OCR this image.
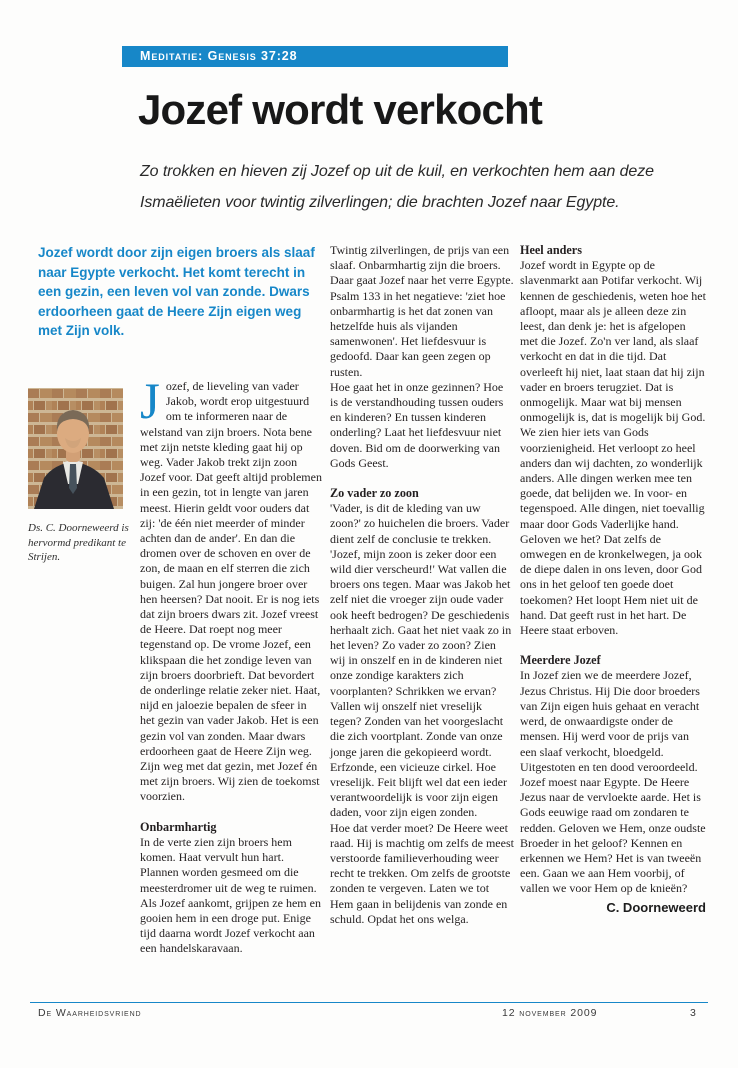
Meditatie: Genesis 37:28
Jozef wordt verkocht
Zo trokken en hieven zij Jozef op uit de kuil, en verkochten hem aan deze
Ismaëlieten voor twintig zilverlingen; die brachten Jozef naar Egypte.
Jozef wordt door zijn eigen broers als slaaf naar Egypte verkocht. Het komt terecht in een gezin, een leven vol van zonde. Dwars erdoorheen gaat de Heere Zijn eigen weg met Zijn volk.
Ds. C. Doorneweerd is hervormd predikant te Strijen.

Jozef, de lieveling van vader Jakob, wordt erop uitgestuurd om te informeren naar de welstand van zijn broers. Nota bene met zijn netste kleding gaat hij op weg. Vader Jakob trekt zijn zoon Jozef voor. Dat geeft altijd problemen in een gezin, tot in lengte van jaren meest. Hierin geldt voor ouders dat zij: 'de één niet meerder of minder achten dan de ander'. En dan die dromen over de schoven en over de zon, de maan en elf sterren die zich buigen. Zal hun jongere broer over hen heersen? Dat nooit. Er is nog iets dat zijn broers dwars zit. Jozef vreest de Heere. Dat roept nog meer tegenstand op. De vrome Jozef, een klikspaan die het zondige leven van zijn broers doorbrieft. Dat bevordert de onderlinge relatie zeker niet. Haat, nijd en jaloezie bepalen de sfeer in het gezin van vader Jakob. Het is een gezin vol van zonden. Maar dwars erdoorheen gaat de Heere Zijn weg. Zijn weg met dat gezin, met Jozef én met zijn broers. Wij zien de toekomst voorzien.

Onbarmhartig

In de verte zien zijn broers hem komen. Haat vervult hun hart. Plannen worden gesmeed om die meesterdromer uit de weg te ruimen. Als Jozef aankomt, grijpen ze hem en gooien hem in een droge put. Enige tijd daarna wordt Jozef verkocht aan een handelskaravaan.

Twintig zilverlingen, de prijs van een slaaf. Onbarmhartig zijn die broers. Daar gaat Jozef naar het verre Egypte. Psalm 133 in het negatieve: 'ziet hoe onbarmhartig is het dat zonen van hetzelfde huis als vijanden samenwonen'. Het liefdesvuur is gedoofd. Daar kan geen zegen op rusten.

Hoe gaat het in onze gezinnen? Hoe is de verstandhouding tussen ouders en kinderen? En tussen kinderen onderling? Laat het liefdesvuur niet doven. Bid om de doorwerking van Gods Geest.

Zo vader zo zoon

'Vader, is dit de kleding van uw zoon?' zo huichelen die broers. Vader dient zelf de conclusie te trekken. 'Jozef, mijn zoon is zeker door een wild dier verscheurd!' Wat vallen die broers ons tegen. Maar was Jakob het zelf niet die vroeger zijn oude vader ook heeft bedrogen? De geschiedenis herhaalt zich. Gaat het niet vaak zo in het leven? Zo vader zo zoon? Zien wij in onszelf en in de kinderen niet onze zondige karakters zich voorplanten? Schrikken we ervan? Vallen wij onszelf niet vreselijk tegen? Zonden van het voorgeslacht die zich voortplant. Zonde van onze jonge jaren die gekopieerd wordt. Erfzonde, een vicieuze cirkel. Hoe vreselijk. Feit blijft wel dat een ieder verantwoordelijk is voor zijn eigen daden, voor zijn eigen zonden.

Hoe dat verder moet? De Heere weet raad. Hij is machtig om zelfs de meest verstoorde familieverhouding weer recht te trekken. Om zelfs de grootste zonden te vergeven. Laten we tot Hem gaan in belijdenis van zonde en schuld. Opdat het ons welga.

Heel anders

Jozef wordt in Egypte op de slavenmarkt aan Potifar verkocht. Wij kennen de geschiedenis, weten hoe het afloopt, maar als je alleen deze zin leest, dan denk je: het is afgelopen met die Jozef. Zo'n ver land, als slaaf verkocht en dat in die tijd. Dat overleeft hij niet, laat staan dat hij zijn vader en broers terugziet. Dat is onmogelijk. Maar wat bij mensen onmogelijk is, dat is mogelijk bij God. We zien hier iets van Gods voorzienigheid. Het verloopt zo heel anders dan wij dachten, zo wonderlijk anders. Alle dingen werken mee ten goede, dat belijden we. In voor- en tegenspoed. Alle dingen, niet toevallig maar door Gods Vaderlijke hand. Geloven we het? Dat zelfs de omwegen en de kronkelwegen, ja ook de diepe dalen in ons leven, door God ons in het geloof ten goede doet toekomen? Het loopt Hem niet uit de hand. Dat geeft rust in het hart. De Heere staat erboven.

Meerdere Jozef

In Jozef zien we de meerdere Jozef, Jezus Christus. Hij Die door broeders van Zijn eigen huis gehaat en veracht werd, de onwaardigste onder de mensen. Hij werd voor de prijs van een slaaf verkocht, bloedgeld. Uitgestoten en ten dood veroordeeld. Jozef moest naar Egypte. De Heere Jezus naar de vervloekte aarde. Het is Gods eeuwige raad om zondaren te redden. Geloven we Hem, onze oudste Broeder in het geloof? Kennen en erkennen we Hem? Het is van tweeën een. Gaan we aan Hem voorbij, of vallen we voor Hem op de knieën?

C. Doorneweerd
De Waarheidsvriend	12 november 2009	3
